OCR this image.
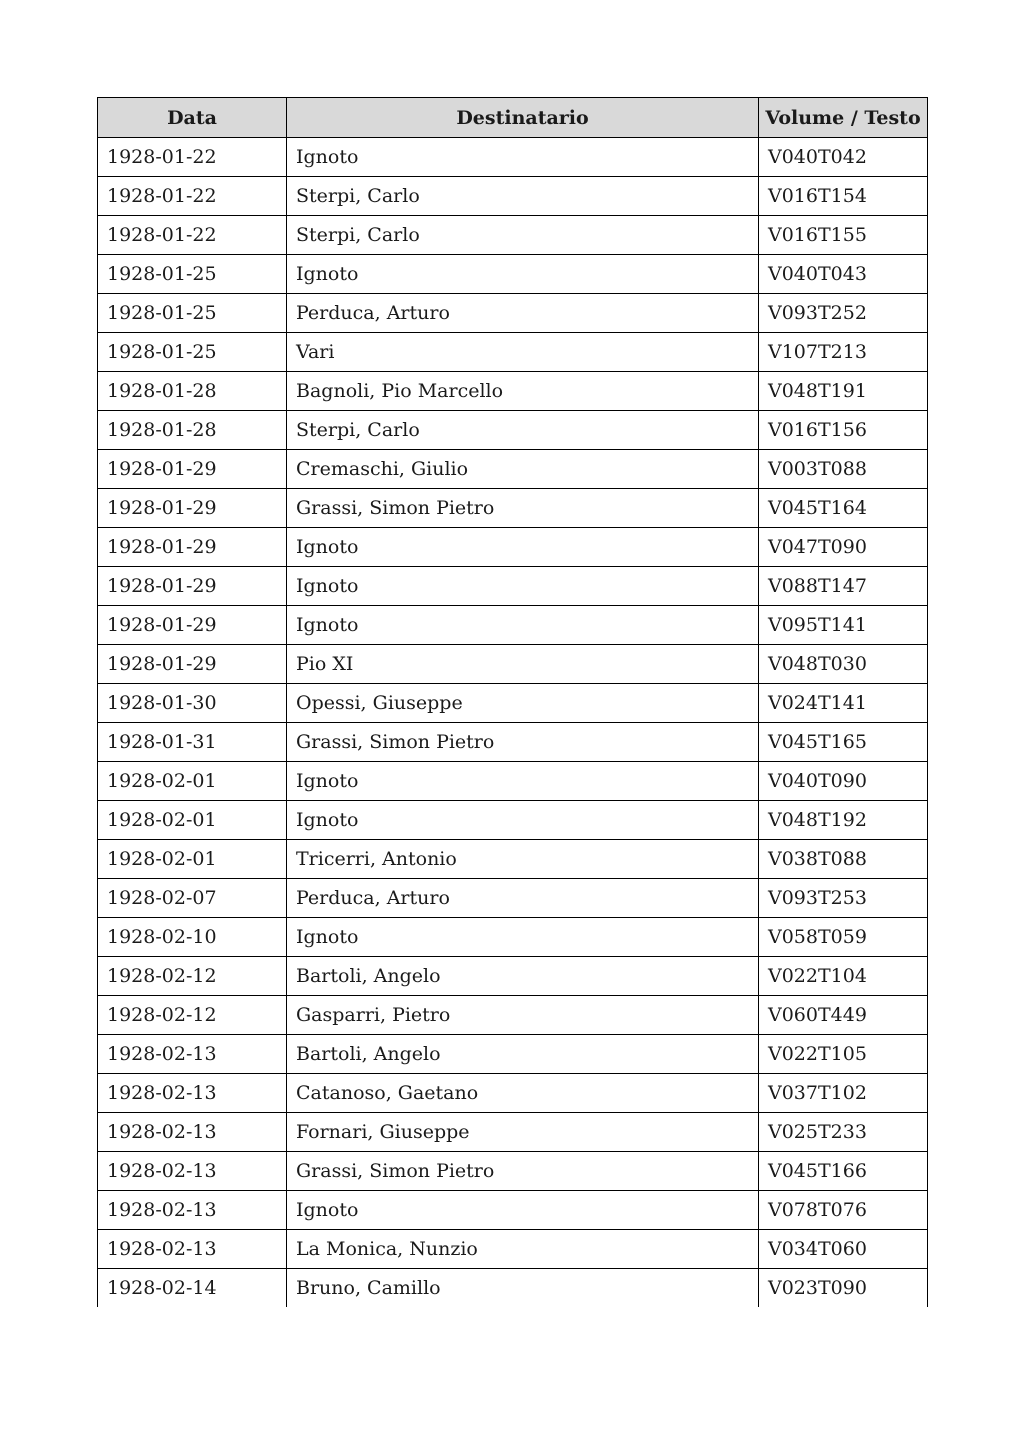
Data	Destinatario	Volume / Testo
1928-01-22	Ignoto	V040T042
1928-01-22	Sterpi, Carlo	V016T154
1928-01-22	Sterpi, Carlo	V016T155
1928-01-25	Ignoto	V040T043
1928-01-25	Perduca, Arturo	V093T252
1928-01-25	Vari	V107T213
1928-01-28	Bagnoli, Pio Marcello	V048T191
1928-01-28	Sterpi, Carlo	V016T156
1928-01-29	Cremaschi, Giulio	V003T088
1928-01-29	Grassi, Simon Pietro	V045T164
1928-01-29	Ignoto	V047T090
1928-01-29	Ignoto	V088T147
1928-01-29	Ignoto	V095T141
1928-01-29	Pio XI	V048T030
1928-01-30	Opessi, Giuseppe	V024T141
1928-01-31	Grassi, Simon Pietro	V045T165
1928-02-01	Ignoto	V040T090
1928-02-01	Ignoto	V048T192
1928-02-01	Tricerri, Antonio	V038T088
1928-02-07	Perduca, Arturo	V093T253
1928-02-10	Ignoto	V058T059
1928-02-12	Bartoli, Angelo	V022T104
1928-02-12	Gasparri, Pietro	V060T449
1928-02-13	Bartoli, Angelo	V022T105
1928-02-13	Catanoso, Gaetano	V037T102
1928-02-13	Fornari, Giuseppe	V025T233
1928-02-13	Grassi, Simon Pietro	V045T166
1928-02-13	Ignoto	V078T076
1928-02-13	La Monica, Nunzio	V034T060
1928-02-14	Bruno, Camillo	V023T090
